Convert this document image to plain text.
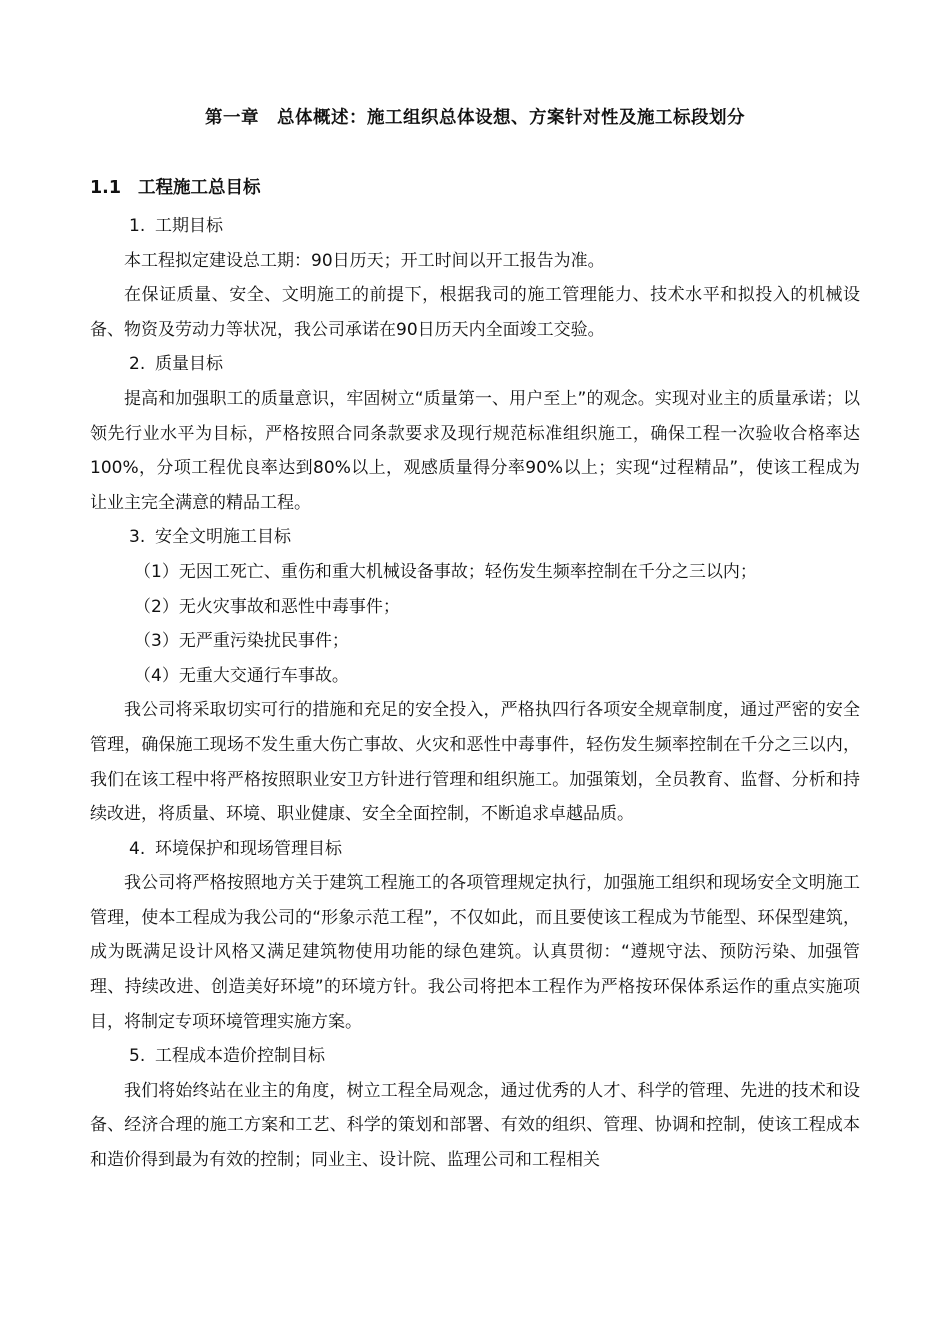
第一章　总体概述：施工组织总体设想、方案针对性及施工标段划分
1.1 工程施工总目标

1. 工期目标

本工程拟定建设总工期：90日历天；开工时间以开工报告为准。

在保证质量、安全、文明施工的前提下，根据我司的施工管理能力、技术水平和拟投入的机械设备、物资及劳动力等状况，我公司承诺在90日历天内全面竣工交验。

2. 质量目标

提高和加强职工的质量意识，牢固树立“质量第一、用户至上”的观念。实现对业主的质量承诺；以领先行业水平为目标，严格按照合同条款要求及现行规范标准组织施工，确保工程一次验收合格率达100%，分项工程优良率达到80%以上，观感质量得分率90%以上；实现“过程精品”，使该工程成为让业主完全满意的精品工程。

3. 安全文明施工目标

（1）无因工死亡、重伤和重大机械设备事故；轻伤发生频率控制在千分之三以内；

（2）无火灾事故和恶性中毒事件；

（3）无严重污染扰民事件；

（4）无重大交通行车事故。

我公司将采取切实可行的措施和充足的安全投入，严格执四行各项安全规章制度，通过严密的安全管理，确保施工现场不发生重大伤亡事故、火灾和恶性中毒事件，轻伤发生频率控制在千分之三以内，我们在该工程中将严格按照职业安卫方针进行管理和组织施工。加强策划，全员教育、监督、分析和持续改进，将质量、环境、职业健康、安全全面控制，不断追求卓越品质。

4. 环境保护和现场管理目标

我公司将严格按照地方关于建筑工程施工的各项管理规定执行，加强施工组织和现场安全文明施工管理，使本工程成为我公司的“形象示范工程”，不仅如此，而且要使该工程成为节能型、环保型建筑，成为既满足设计风格又满足建筑物使用功能的绿色建筑。认真贯彻：“遵规守法、预防污染、加强管理、持续改进、创造美好环境”的环境方针。我公司将把本工程作为严格按环保体系运作的重点实施项目，将制定专项环境管理实施方案。

5. 工程成本造价控制目标

我们将始终站在业主的角度，树立工程全局观念，通过优秀的人才、科学的管理、先进的技术和设备、经济合理的施工方案和工艺、科学的策划和部署、有效的组织、管理、协调和控制，使该工程成本和造价得到最为有效的控制；同业主、设计院、监理公司和工程相关
